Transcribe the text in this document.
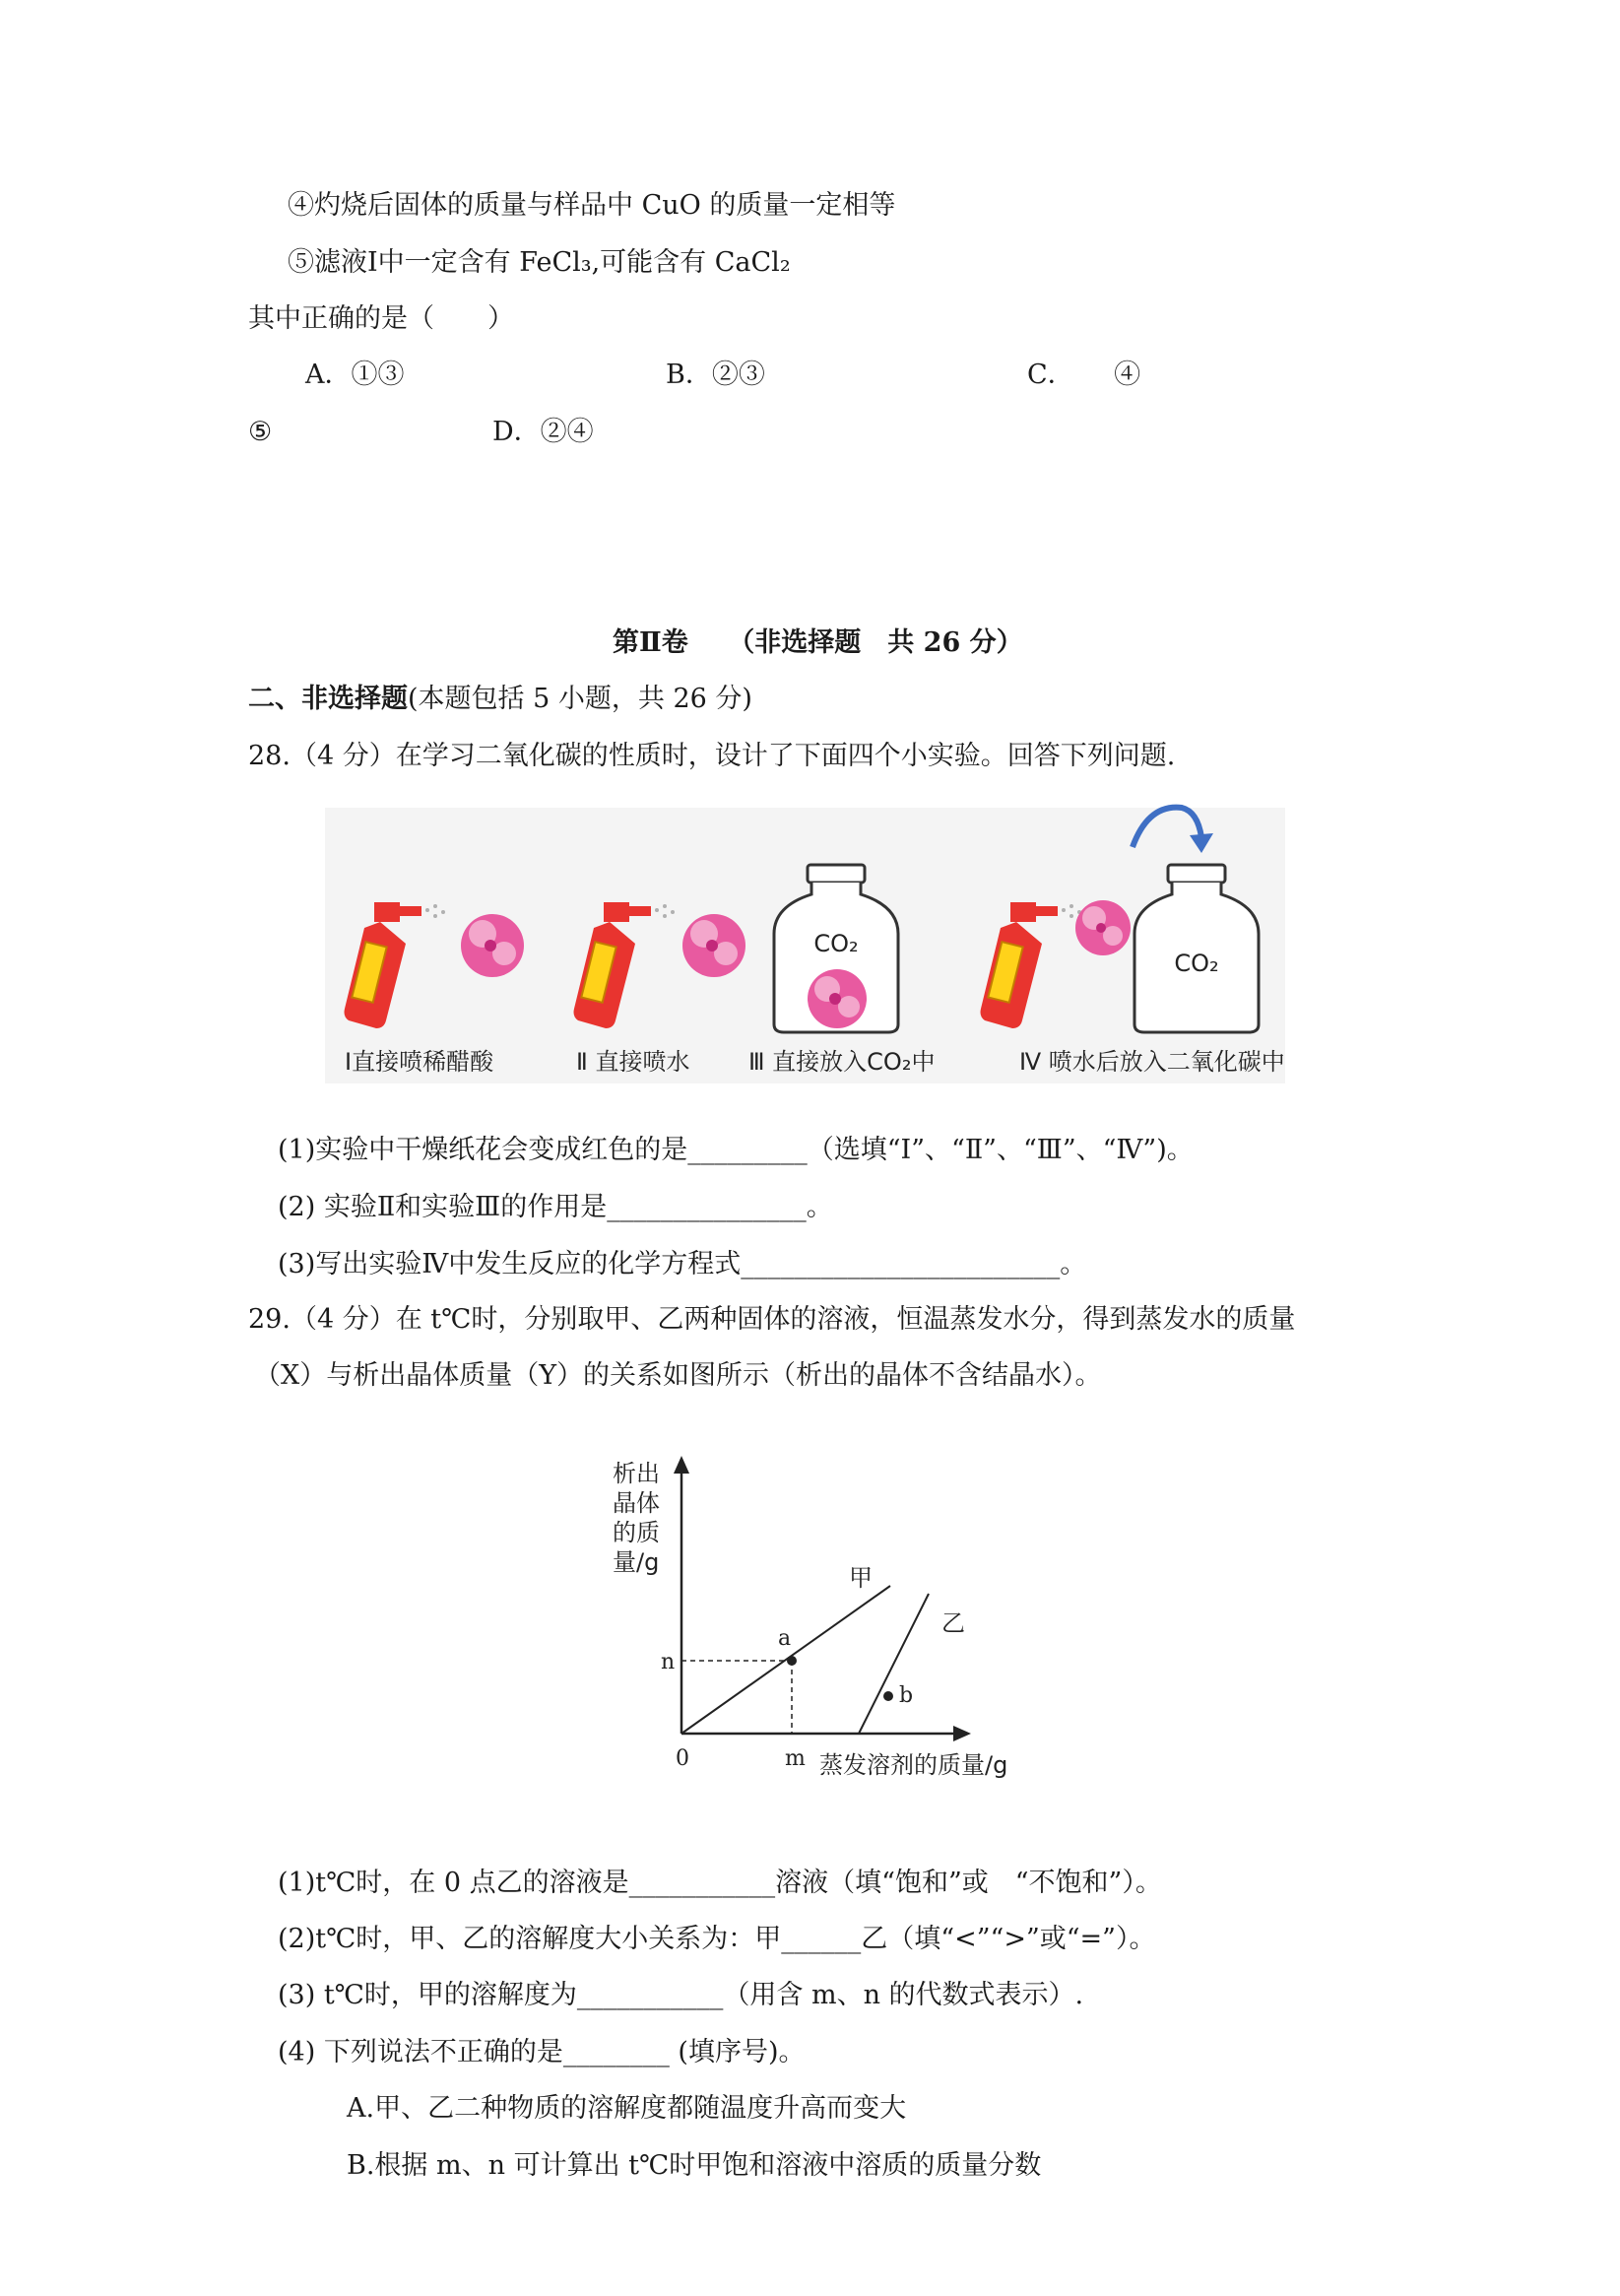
④灼烧后固体的质量与样品中 CuO 的质量一定相等
⑤滤液Ⅰ中一定含有 FeCl₃,可能含有 CaCl₂
其中正确的是（　　）
A．①③	B．②③	C．　　④
⑤	D．②④
第Ⅱ卷　　（非选择题　共 26 分）
二、非选择题(本题包括 5 小题，共 26 分)
28.（4 分）在学习二氧化碳的性质时，设计了下面四个小实验。回答下列问题.
CO₂
CO₂
Ⅰ直接喷稀醋酸	Ⅱ 直接喷水 Ⅲ 直接放入CO₂中	Ⅳ 喷水后放入二氧化碳中
(1)实验中干燥纸花会变成红色的是_________（选填“Ⅰ”、“Ⅱ”、“Ⅲ”、“Ⅳ”)。
(2) 实验Ⅱ和实验Ⅲ的作用是_______________。
(3)写出实验Ⅳ中发生反应的化学方程式________________________。
29.（4 分）在 t℃时，分别取甲、乙两种固体的溶液，恒温蒸发水分，得到蒸发水的质量
（X）与析出晶体质量（Y）的关系如图所示（析出的晶体不含结晶水）。
析出
晶体
的质
量/g
a
b
n
m
0
甲
乙
蒸发溶剂的质量/g
(1)t℃时，在 0 点乙的溶液是___________溶液（填“饱和”或　“不饱和”）。
(2)t℃时，甲、乙的溶解度大小关系为：甲______乙（填“<”“>”或“=”）。
(3) t℃时，甲的溶解度为___________（用含 m、n 的代数式表示）.
(4) 下列说法不正确的是________ (填序号)。
A.甲、乙二种物质的溶解度都随温度升高而变大
B.根据 m、n 可计算出 t℃时甲饱和溶液中溶质的质量分数
